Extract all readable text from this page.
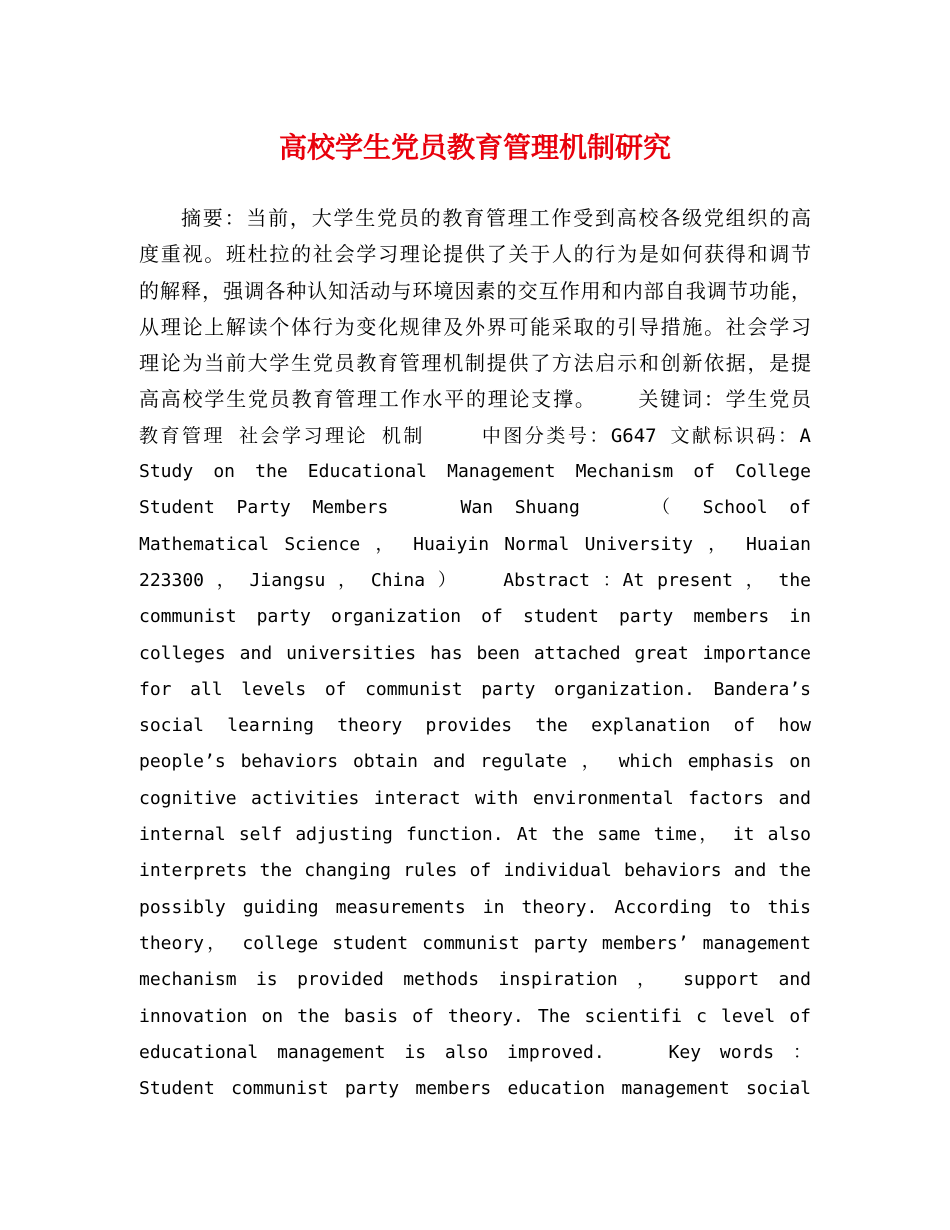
高校学生党员教育管理机制研究
摘要：当前，大学生党员的教育管理工作受到高校各级党组织的高
度重视。班杜拉的社会学习理论提供了关于人的行为是如何获得和调节
的解释，强调各种认知活动与环境因素的交互作用和内部自我调节功能，
从理论上解读个体行为变化规律及外界可能采取的引导措施。社会学习
理论为当前大学生党员教育管理机制提供了方法启示和创新依据，是提
高高校学生党员教育管理工作水平的理论支撑。　　 关键词：学生党员
教育管理 社会学习理论 机制 　　中图分类号：G647 文献标识码：A
Study on the Educational Management Mechanism of College
Student Party Members 　 Wan Shuang 　 （ School of
Mathematical Science ， Huaiyin Normal University ， Huaian
223300 ， Jiangsu ， China ） 　 Abstract ：At present ， the
communist party organization of student party members in
colleges and universities has been attached great importance
for all levels of communist party organization. Bandera’s
social learning theory provides the explanation of how
people’s behaviors obtain and regulate ， which emphasis on
cognitive activities interact with environmental factors and
internal self adjusting function. At the same time， it also
interprets the changing rules of individual behaviors and the
possibly guiding measurements in theory. According to this
theory， college student communist party members’ management
mechanism is provided methods inspiration ， support and
innovation on the basis of theory. The scientifi c level of
educational management is also improved. 　 Key words ：
Student communist party members education management social
